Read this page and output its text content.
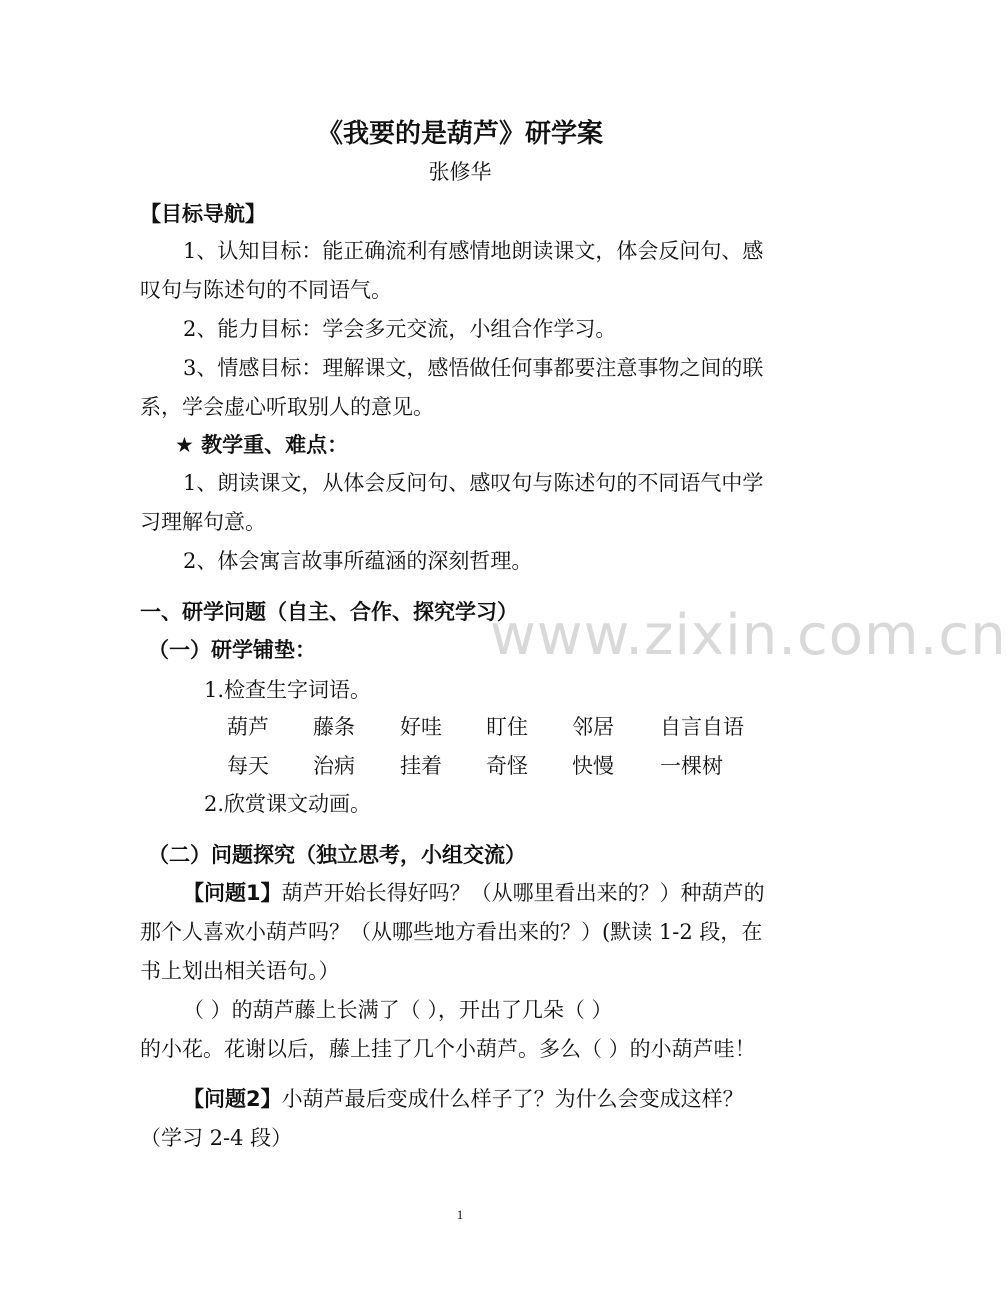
《我要的是葫芦》研学案
张修华
【目标导航】
1、认知目标：能正确流利有感情地朗读课文，体会反问句、感
叹句与陈述句的不同语气。
2、能力目标：学会多元交流，小组合作学习。
3、情感目标：理解课文，感悟做任何事都要注意事物之间的联
系，学会虚心听取别人的意见。
★ 教学重、难点：
1、朗读课文，从体会反问句、感叹句与陈述句的不同语气中学
习理解句意。
2、体会寓言故事所蕴涵的深刻哲理。
一、研学问题（自主、合作、探究学习）
（一）研学铺垫：
1.检查生字词语。
葫芦 藤条 好哇 盯住 邻居 自言自语
每天 治病 挂着 奇怪 快慢 一棵树
2.欣赏课文动画。
（二）问题探究（独立思考，小组交流）
【问题1】葫芦开始长得好吗？（从哪里看出来的？）种葫芦的
那个人喜欢小葫芦吗？（从哪些地方看出来的？）(默读 1-2 段，在
书上划出相关语句。）
（ ）的葫芦藤上长满了（ ），开出了几朵（ ）
的小花。花谢以后，藤上挂了几个小葫芦。多么（ ）的小葫芦哇！
【问题2】小葫芦最后变成什么样子了？为什么会变成这样？
（学习 2-4 段）
www.zixin.com.cn
1
